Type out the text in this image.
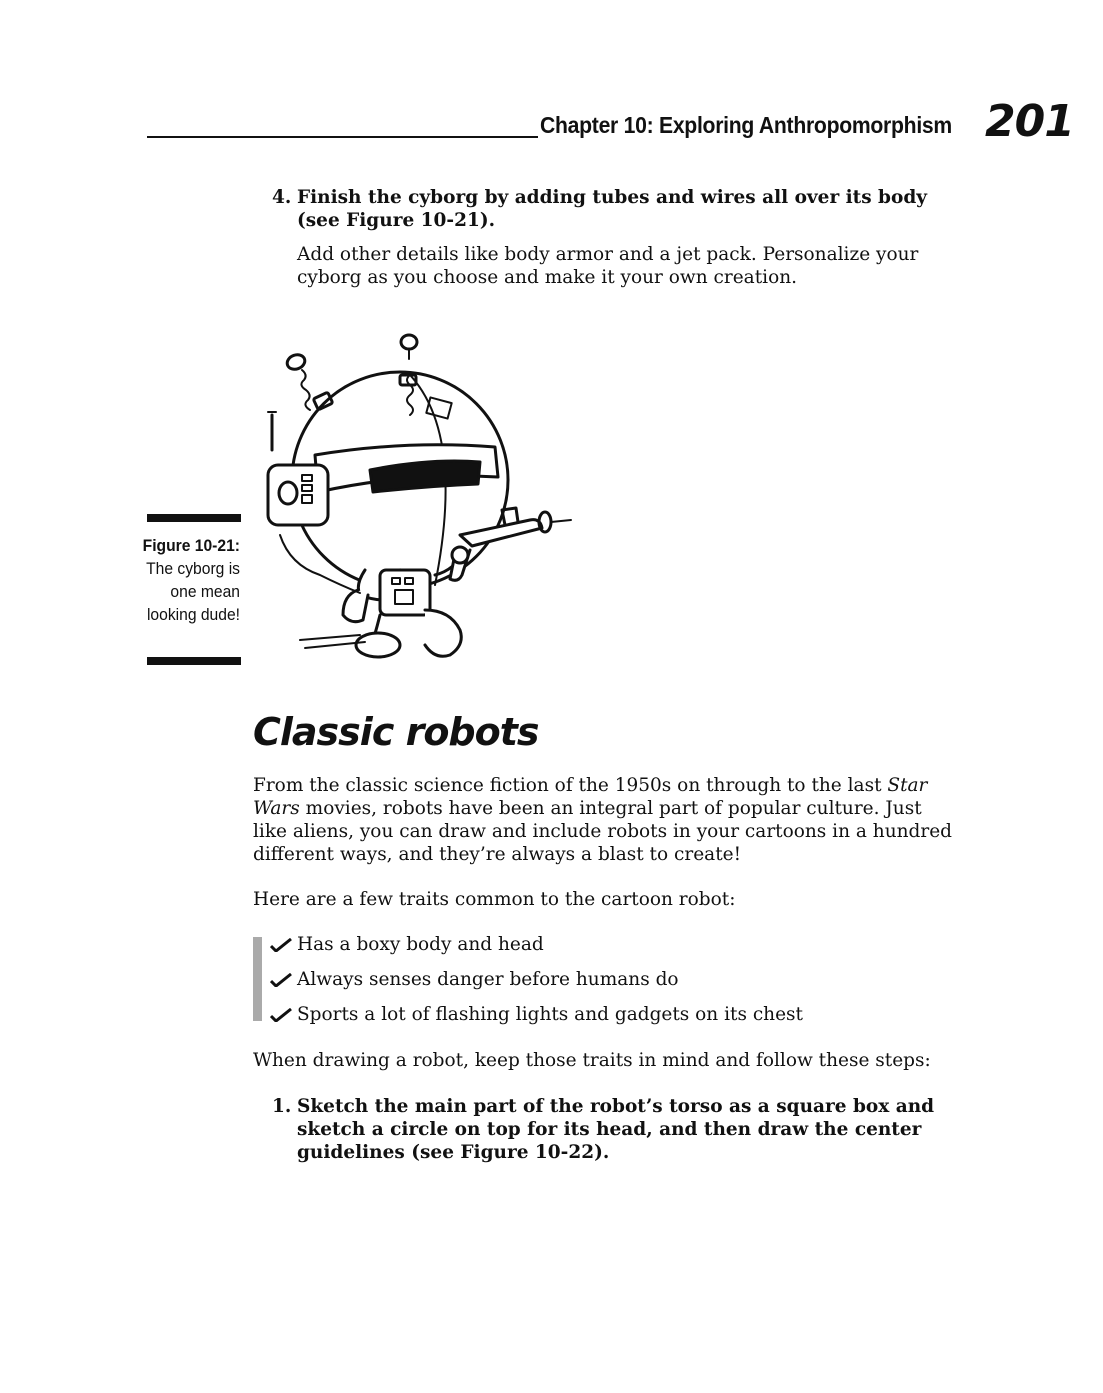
Chapter 10: Exploring Anthropomorphism 201
4. Finish the cyborg by adding tubes and wires all over its body (see Figure 10-21).
Add other details like body armor and a jet pack. Personalize your cyborg as you choose and make it your own creation.
Figure 10-21:
The cyborg is one mean looking dude!
Classic robots
From the classic science fiction of the 1950s on through to the last Star Wars movies, robots have been an integral part of popular culture. Just like aliens, you can draw and include robots in your cartoons in a hundred different ways, and they’re always a blast to create!
Here are a few traits common to the cartoon robot:
Has a boxy body and head
Always senses danger before humans do
Sports a lot of flashing lights and gadgets on its chest
When drawing a robot, keep those traits in mind and follow these steps:
1. Sketch the main part of the robot’s torso as a square box and sketch a circle on top for its head, and then draw the center guidelines (see Figure 10-22).
